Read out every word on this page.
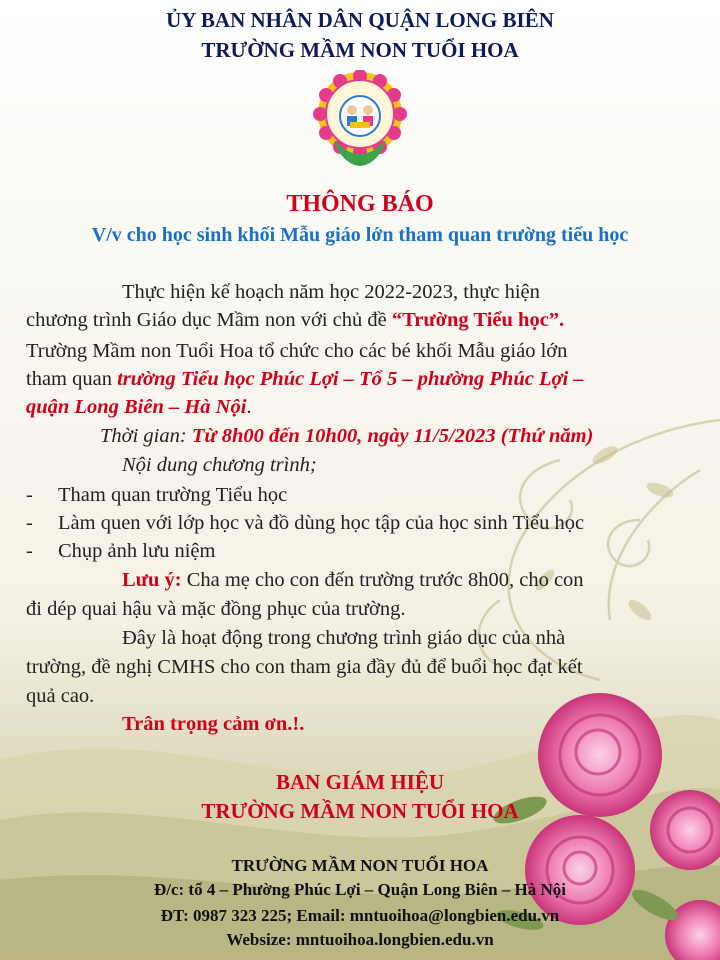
ỦY BAN NHÂN DÂN QUẬN LONG BIÊN
TRƯỜNG MẦM NON TUỔI HOA
THÔNG BÁO
V/v cho học sinh khối Mẫu giáo lớn tham quan trường tiểu học
Thực hiện kế hoạch năm học 2022-2023, thực hiện
chương trình Giáo dục Mầm non với chủ đề “Trường Tiểu học”.
Trường Mầm non Tuổi Hoa tổ chức cho các bé khối Mẫu giáo lớn
tham quan trường Tiểu học Phúc Lợi – Tổ 5 – phường Phúc Lợi –
quận Long Biên – Hà Nội.
Thời gian: Từ 8h00 đến 10h00, ngày 11/5/2023 (Thứ năm)
Nội dung chương trình;
- Tham quan trường Tiểu học
- Làm quen với lớp học và đồ dùng học tập của học sinh Tiểu học
- Chụp ảnh lưu niệm
Lưu ý: Cha mẹ cho con đến trường trước 8h00, cho con
đi dép quai hậu và mặc đồng phục của trường.
Đây là hoạt động trong chương trình giáo dục của nhà
trường, đề nghị CMHS cho con tham gia đầy đủ để buổi học đạt kết
quả cao.
Trân trọng cảm ơn.!.
BAN GIÁM HIỆU
TRƯỜNG MẦM NON TUỔI HOA
TRƯỜNG MẦM NON TUỔI HOA
Đ/c: tổ 4 – Phường Phúc Lợi – Quận Long Biên – Hà Nội
ĐT: 0987 323 225; Email: mntuoihoa@longbien.edu.vn
Websize: mntuoihoa.longbien.edu.vn
